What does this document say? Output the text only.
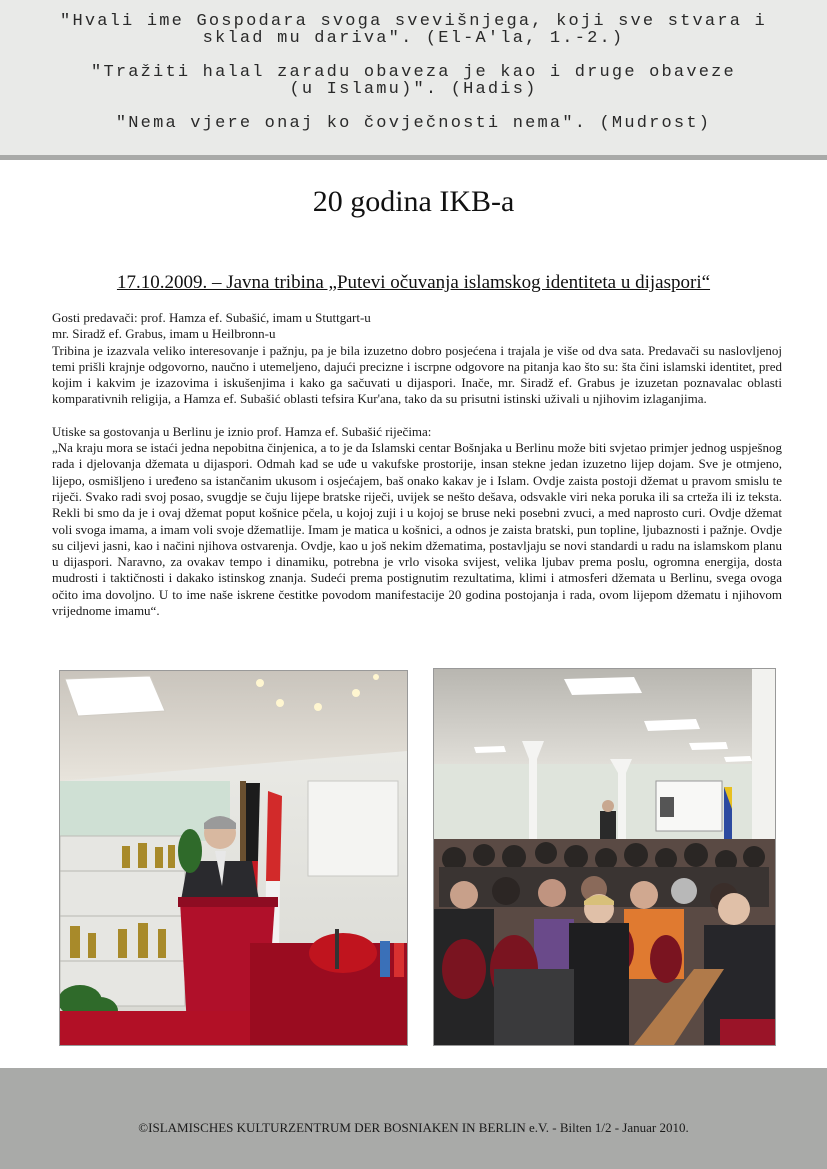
"Hvali ime Gospodara svoga svevišnjega, koji sve stvara i
sklad mu dariva". (El-A'la, 1.-2.)
"Tražiti halal zaradu obaveza je kao i druge obaveze
(u Islamu)". (Hadis)
"Nema vjere onaj ko čovječnosti nema". (Mudrost)
20 godina IKB-a
17.10.2009. – Javna tribina „Putevi očuvanja islamskog identiteta u dijaspori“

Gosti predavači: prof. Hamza ef. Subašić, imam u Stuttgart-u

mr. Siradž ef. Grabus, imam u Heilbronn-u

Tribina je izazvala veliko interesovanje i pažnju, pa je bila izuzetno dobro posjećena i trajala je više od dva sata. Predavači su naslovljenoj temi prišli krajnje odgovorno, naučno i utemeljeno, dajući precizne i iscrpne odgovore na pitanja kao što su: šta čini islamski identitet, pred kojim i kakvim je izazovima i iskušenjima i kako ga sačuvati u dijaspori. Inače, mr. Siradž ef. Grabus je izuzetan poznavalac oblasti komparativnih religija, a Hamza ef. Subašić oblasti tefsira Kur'ana, tako da su prisutni istinski uživali u njihovim izlaganjima.

Utiske sa gostovanja u Berlinu je iznio prof. Hamza ef. Subašić riječima:

„Na kraju mora se istaći jedna nepobitna činjenica, a to je da Islamski centar Bošnjaka u Berlinu može biti svjetao primjer jednog uspješnog rada i djelovanja džemata u dijaspori. Odmah kad se uđe u vakufske prostorije, insan stekne jedan izuzetno lijep dojam. Sve je otmjeno, lijepo, osmišljeno i uređeno sa istančanim ukusom i osjećajem, baš onako kakav je i Islam. Ovdje zaista postoji džemat u pravom smislu te riječi. Svako radi svoj posao, svugdje se čuju lijepe bratske riječi, uvijek se nešto dešava, odsvakle viri neka poruka ili sa crteža ili iz teksta. Rekli bi smo da je i ovaj džemat poput košnice pčela, u kojoj zuji i u kojoj se bruse neki posebni zvuci, a med naprosto curi. Ovdje džemat voli svoga imama, a imam voli svoje džematlije. Imam je matica u košnici, a odnos je zaista bratski, pun topline, ljubaznosti i pažnje. Ovdje su ciljevi jasni, kao i načini njihova ostvarenja. Ovdje, kao u još nekim džematima, postavljaju se novi standardi u radu na islamskom planu u dijaspori. Naravno, za ovakav tempo i dinamiku, potrebna je vrlo visoka svijest, velika ljubav prema poslu, ogromna energija, dosta mudrosti i taktičnosti i dakako istinskog znanja. Sudeći prema postignutim rezultatima, klimi i atmosferi džemata u Berlinu, svega ovoga očito ima dovoljno. U to ime naše iskrene čestitke povodom manifestacije 20 godina postojanja i rada, ovom lijepom džematu i njihovom vrijednome imamu“.

©ISLAMISCHES KULTURZENTRUM DER BOSNIAKEN IN BERLIN e.V. - Bilten 1/2 - Januar 2010.
